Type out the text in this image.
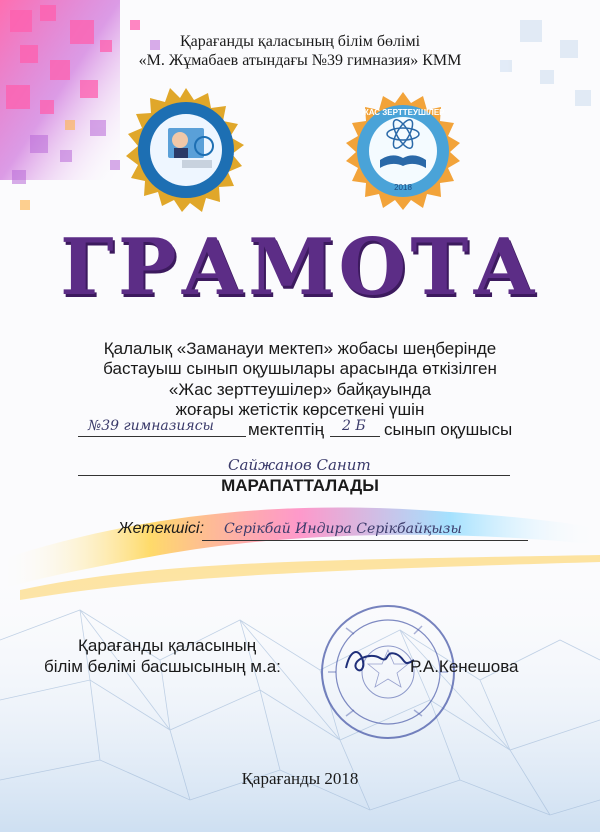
Қарағанды қаласының білім бөлімі
«М. Жұмабаев атындағы №39 гимназия» КММ
ЖАС ЗЕРТТЕУШІЛЕР
2018
ГРАМОТА
Қалалық «Заманауи мектеп» жобасы шеңберінде
бастауыш сынып оқушылары арасында өткізілген
«Жас зерттеушілер» байқауында
жоғары жетістік көрсеткені үшін
№39 гимназиясы мектептің 2 Б сынып оқушысы
Сайжанов Санит
МАРАПАТТАЛАДЫ
Жетекшісі: Серікбай Индира Серікбайқызы
Қарағанды қаласының
білім бөлімі басшысының м.а:	Р.А.Кенешова
Қарағанды 2018
